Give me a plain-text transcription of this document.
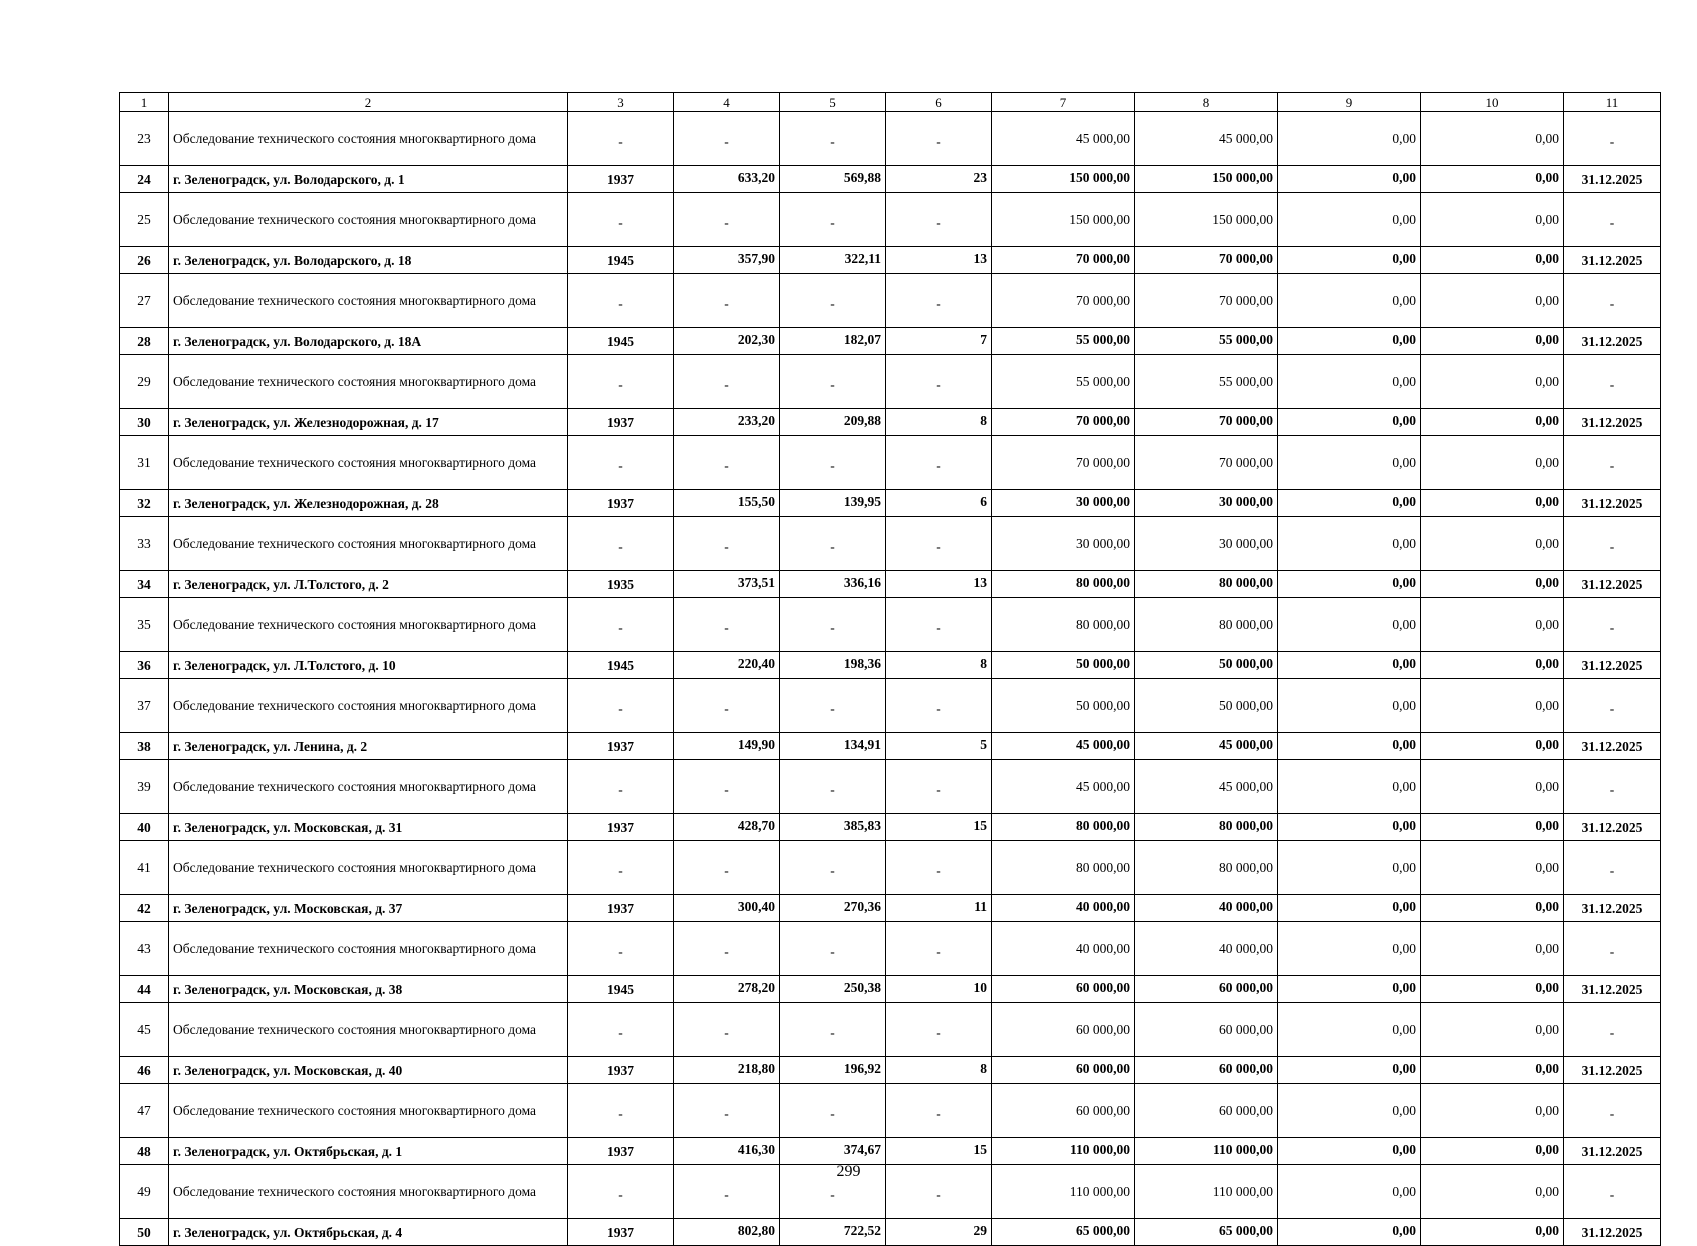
1	2	3	4	5	6	7	8	9	10	11
23	Обследование технического состояния многоквартирного дома	-	-	-	-	45 000,00	45 000,00	0,00	0,00	-
24	г. Зеленоградск, ул. Володарского, д. 1	1937	633,20	569,88	23	150 000,00	150 000,00	0,00	0,00	31.12.2025
25	Обследование технического состояния многоквартирного дома	-	-	-	-	150 000,00	150 000,00	0,00	0,00	-
26	г. Зеленоградск, ул. Володарского, д. 18	1945	357,90	322,11	13	70 000,00	70 000,00	0,00	0,00	31.12.2025
27	Обследование технического состояния многоквартирного дома	-	-	-	-	70 000,00	70 000,00	0,00	0,00	-
28	г. Зеленоградск, ул. Володарского, д. 18А	1945	202,30	182,07	7	55 000,00	55 000,00	0,00	0,00	31.12.2025
29	Обследование технического состояния многоквартирного дома	-	-	-	-	55 000,00	55 000,00	0,00	0,00	-
30	г. Зеленоградск, ул. Железнодорожная, д. 17	1937	233,20	209,88	8	70 000,00	70 000,00	0,00	0,00	31.12.2025
31	Обследование технического состояния многоквартирного дома	-	-	-	-	70 000,00	70 000,00	0,00	0,00	-
32	г. Зеленоградск, ул. Железнодорожная, д. 28	1937	155,50	139,95	6	30 000,00	30 000,00	0,00	0,00	31.12.2025
33	Обследование технического состояния многоквартирного дома	-	-	-	-	30 000,00	30 000,00	0,00	0,00	-
34	г. Зеленоградск, ул. Л.Толстого, д. 2	1935	373,51	336,16	13	80 000,00	80 000,00	0,00	0,00	31.12.2025
35	Обследование технического состояния многоквартирного дома	-	-	-	-	80 000,00	80 000,00	0,00	0,00	-
36	г. Зеленоградск, ул. Л.Толстого, д. 10	1945	220,40	198,36	8	50 000,00	50 000,00	0,00	0,00	31.12.2025
37	Обследование технического состояния многоквартирного дома	-	-	-	-	50 000,00	50 000,00	0,00	0,00	-
38	г. Зеленоградск, ул. Ленина, д. 2	1937	149,90	134,91	5	45 000,00	45 000,00	0,00	0,00	31.12.2025
39	Обследование технического состояния многоквартирного дома	-	-	-	-	45 000,00	45 000,00	0,00	0,00	-
40	г. Зеленоградск, ул. Московская, д. 31	1937	428,70	385,83	15	80 000,00	80 000,00	0,00	0,00	31.12.2025
41	Обследование технического состояния многоквартирного дома	-	-	-	-	80 000,00	80 000,00	0,00	0,00	-
42	г. Зеленоградск, ул. Московская, д. 37	1937	300,40	270,36	11	40 000,00	40 000,00	0,00	0,00	31.12.2025
43	Обследование технического состояния многоквартирного дома	-	-	-	-	40 000,00	40 000,00	0,00	0,00	-
44	г. Зеленоградск, ул. Московская, д. 38	1945	278,20	250,38	10	60 000,00	60 000,00	0,00	0,00	31.12.2025
45	Обследование технического состояния многоквартирного дома	-	-	-	-	60 000,00	60 000,00	0,00	0,00	-
46	г. Зеленоградск, ул. Московская, д. 40	1937	218,80	196,92	8	60 000,00	60 000,00	0,00	0,00	31.12.2025
47	Обследование технического состояния многоквартирного дома	-	-	-	-	60 000,00	60 000,00	0,00	0,00	-
48	г. Зеленоградск, ул. Октябрьская, д. 1	1937	416,30	374,67	15	110 000,00	110 000,00	0,00	0,00	31.12.2025
49	Обследование технического состояния многоквартирного дома	-	-	-	-	110 000,00	110 000,00	0,00	0,00	-
50	г. Зеленоградск, ул. Октябрьская, д. 4	1937	802,80	722,52	29	65 000,00	65 000,00	0,00	0,00	31.12.2025
299
